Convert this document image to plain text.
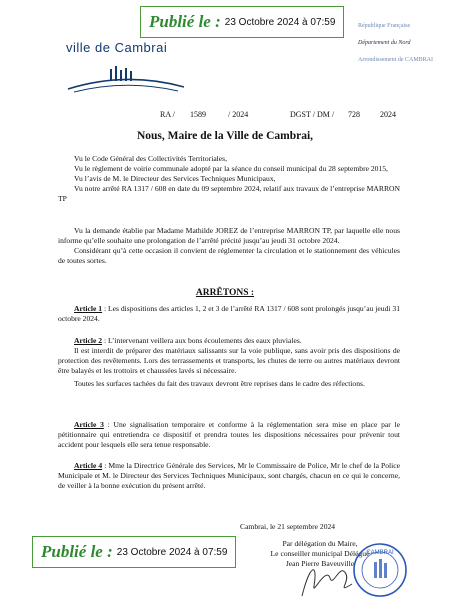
Publié le : 23 Octobre 2024 à 07:59
ville de Cambrai
République Française
Département du Nord
Arrondissement de CAMBRAI
RA / 1589	/ 2024	DGST / DM / 728	2024
Nous, Maire de la Ville de Cambrai,

Vu le Code Général des Collectivités Territoriales,

Vu le règlement de voirie communale adopté par la séance du conseil municipal du 28 septembre 2015,

Vu l’avis de M. le Directeur des Services Techniques Municipaux,

Vu notre arrêté RA 1317 / 608 en date du 09 septembre 2024, relatif aux travaux de l’entreprise MARRON TP

Vu la demande établie par Madame Mathilde JOREZ de l’entreprise MARRON TP, par laquelle elle nous informe qu’elle souhaite une prolongation de l’arrêté précité jusqu’au jeudi 31 octobre 2024.

Considérant qu’à cette occasion il convient de réglementer la circulation et le stationnement des véhicules de toutes sortes.

ARRÊTONS :

Article 1 : Les dispositions des articles 1, 2 et 3 de l’arrêté RA 1317 / 608 sont prolongés jusqu’au jeudi 31 octobre 2024.

Article 2 : L’intervenant veillera aux bons écoulements des eaux pluviales.

Il est interdit de préparer des matériaux salissants sur la voie publique, sans avoir pris des dispositions de protection des revêtements. Lors des terrassements et transports, les chutes de terre ou autres matériaux devront être balayés et les trottoirs et chaussées lavés si nécessaire.

Toutes les surfaces tachées du fait des travaux devront être reprises dans le cadre des réfections.

Article 3 : Une signalisation temporaire et conforme à la réglementation sera mise en place par le pétitionnaire qui entretiendra ce dispositif et prendra toutes les dispositions nécessaires pour prévenir tout accident pour lesquels elle sera tenue responsable.

Article 4 : Mme la Directrice Générale des Services, Mr le Commissaire de Police, Mr le chef de la Police Municipale et M. le Directeur des Services Techniques Municipaux, sont chargés, chacun en ce qui le concerne, de veiller à la bonne exécution du présent arrêté.

Cambrai, le 21 septembre 2024
Par délégation du Maire,
Le conseiller municipal Délégué
Jean Pierre Baveuville
CAMBRAI
Publié le : 23 Octobre 2024 à 07:59
